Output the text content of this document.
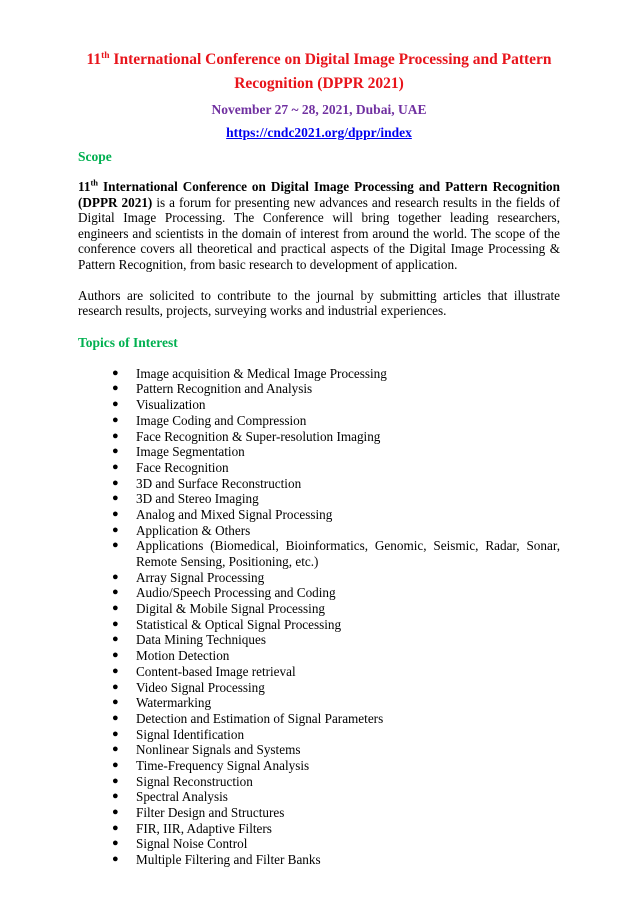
11th International Conference on Digital Image Processing and Pattern
Recognition (DPPR 2021)

November 27 ~ 28, 2021, Dubai, UAE

https://cndc2021.org/dppr/index

Scope

11th International Conference on Digital Image Processing and Pattern Recognition (DPPR 2021) is a forum for presenting new advances and research results in the fields of Digital Image Processing. The Conference will bring together leading researchers, engineers and scientists in the domain of interest from around the world. The scope of the conference covers all theoretical and practical aspects of the Digital Image Processing & Pattern Recognition, from basic research to development of application.

Authors are solicited to contribute to the journal by submitting articles that illustrate research results, projects, surveying works and industrial experiences.

Topics of Interest
● Image acquisition & Medical Image Processing
● Pattern Recognition and Analysis
● Visualization
● Image Coding and Compression
● Face Recognition & Super-resolution Imaging
● Image Segmentation
● Face Recognition
● 3D and Surface Reconstruction
● 3D and Stereo Imaging
● Analog and Mixed Signal Processing
● Application & Others
● Applications (Biomedical, Bioinformatics, Genomic, Seismic, Radar, Sonar, Remote Sensing, Positioning, etc.)
● Array Signal Processing
● Audio/Speech Processing and Coding
● Digital & Mobile Signal Processing
● Statistical & Optical Signal Processing
● Data Mining Techniques
● Motion Detection
● Content-based Image retrieval
● Video Signal Processing
● Watermarking
● Detection and Estimation of Signal Parameters
● Signal Identification
● Nonlinear Signals and Systems
● Time-Frequency Signal Analysis
● Signal Reconstruction
● Spectral Analysis
● Filter Design and Structures
● FIR, IIR, Adaptive Filters
● Signal Noise Control
● Multiple Filtering and Filter Banks
